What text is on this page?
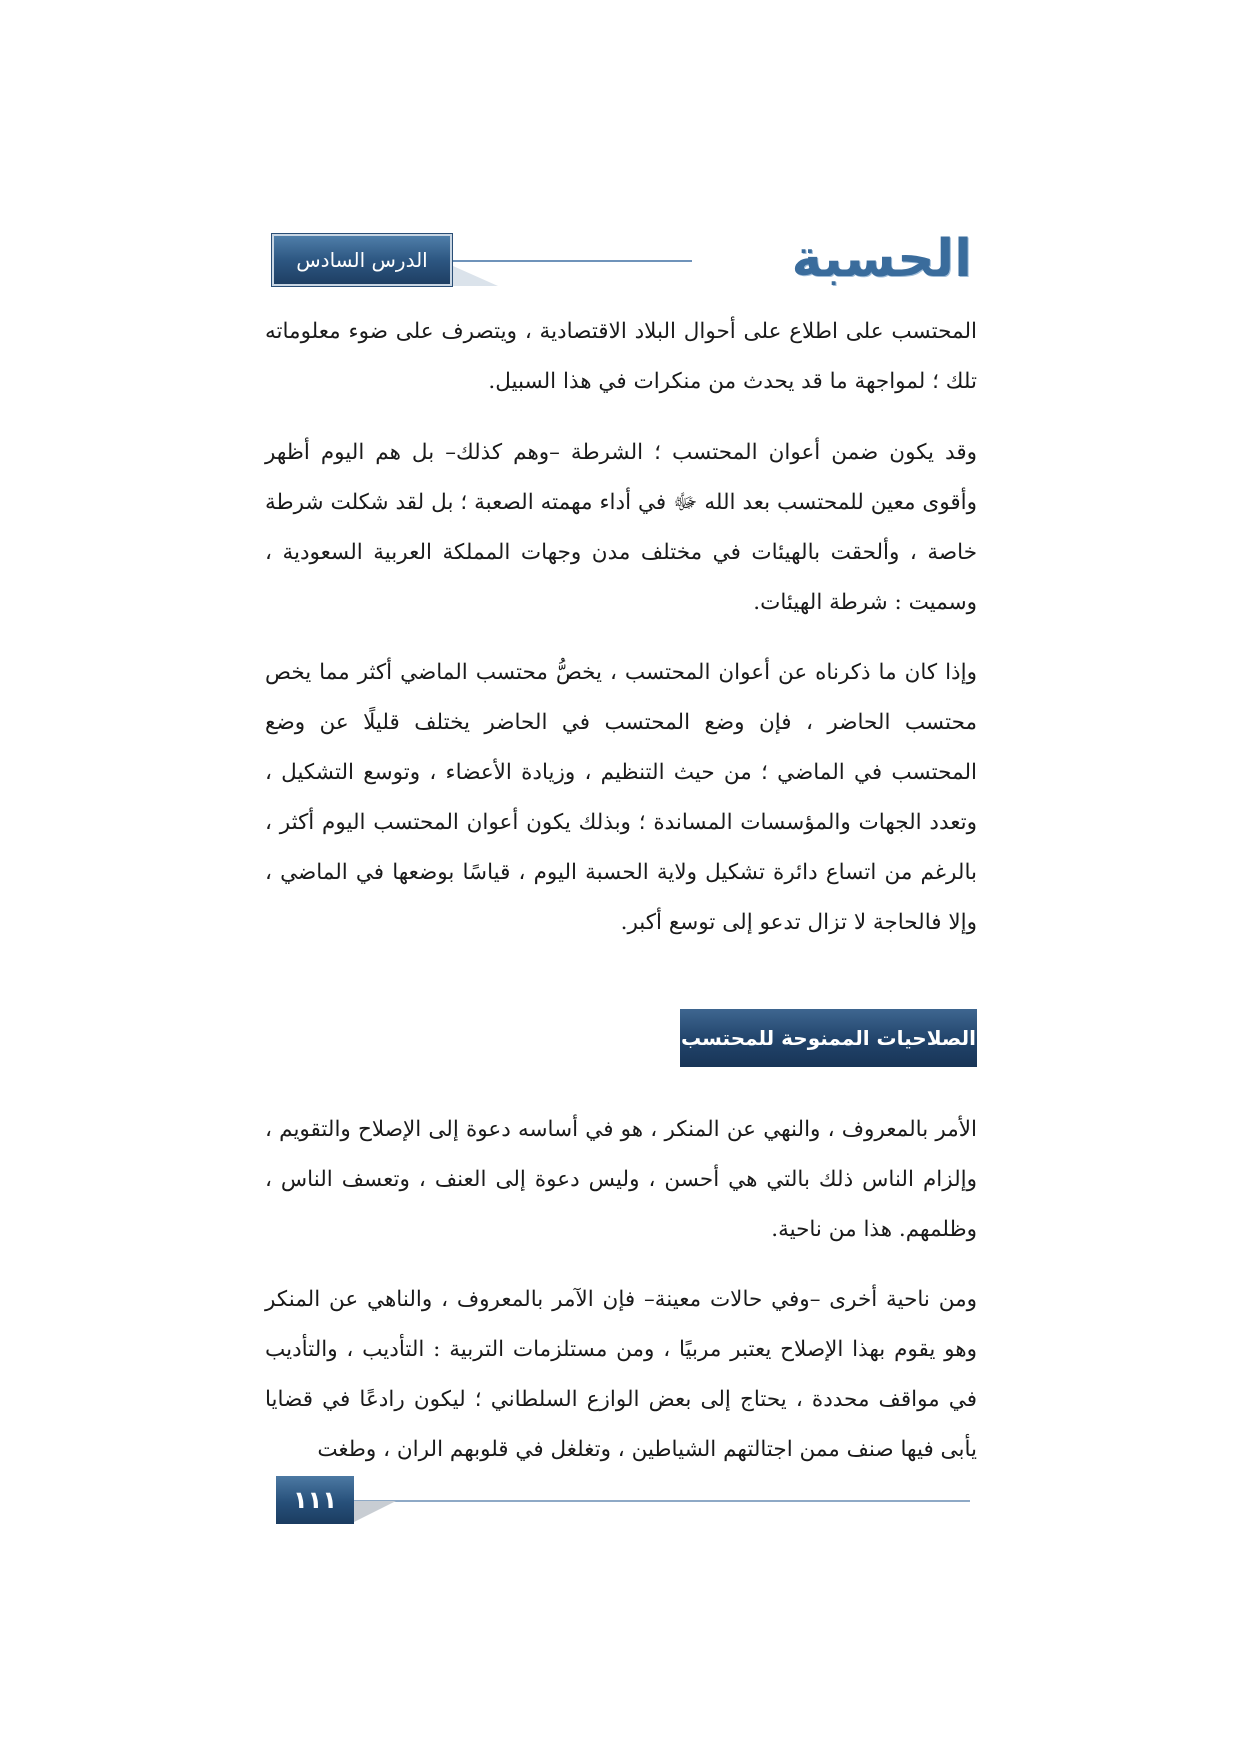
الحسبة
الدرس السادس

المحتسب على اطلاع على أحوال البلاد الاقتصادية ، ويتصرف على ضوء معلوماته تلك ؛ لمواجهة ما قد يحدث من منكرات في هذا السبيل.

وقد يكون ضمن أعوان المحتسب ؛ الشرطة –وهم كذلك– بل هم اليوم أظهر وأقوى معين للمحتسب بعد الله ﷻ في أداء مهمته الصعبة ؛ بل لقد شكلت شرطة خاصة ، وألحقت بالهيئات في مختلف مدن وجهات المملكة العربية السعودية ، وسميت : شرطة الهيئات.

وإذا كان ما ذكرناه عن أعوان المحتسب ، يخصُّ محتسب الماضي أكثر مما يخص محتسب الحاضر ، فإن وضع المحتسب في الحاضر يختلف قليلًا عن وضع المحتسب في الماضي ؛ من حيث التنظيم ، وزيادة الأعضاء ، وتوسع التشكيل ، وتعدد الجهات والمؤسسات المساندة ؛ وبذلك يكون أعوان المحتسب اليوم أكثر ، بالرغم من اتساع دائرة تشكيل ولاية الحسبة اليوم ، قياسًا بوضعها في الماضي ، وإلا فالحاجة لا تزال تدعو إلى توسع أكبر.

الصلاحيات الممنوحة للمحتسب

الأمر بالمعروف ، والنهي عن المنكر ، هو في أساسه دعوة إلى الإصلاح والتقويم ، وإلزام الناس ذلك بالتي هي أحسن ، وليس دعوة إلى العنف ، وتعسف الناس ، وظلمهم. هذا من ناحية.

ومن ناحية أخرى –وفي حالات معينة– فإن الآمر بالمعروف ، والناهي عن المنكر وهو يقوم بهذا الإصلاح يعتبر مربيًا ، ومن مستلزمات التربية : التأديب ، والتأديب في مواقف محددة ، يحتاج إلى بعض الوازع السلطاني ؛ ليكون رادعًا في قضايا يأبى فيها صنف ممن اجتالتهم الشياطين ، وتغلغل في قلوبهم الران ، وطغت

١١١
